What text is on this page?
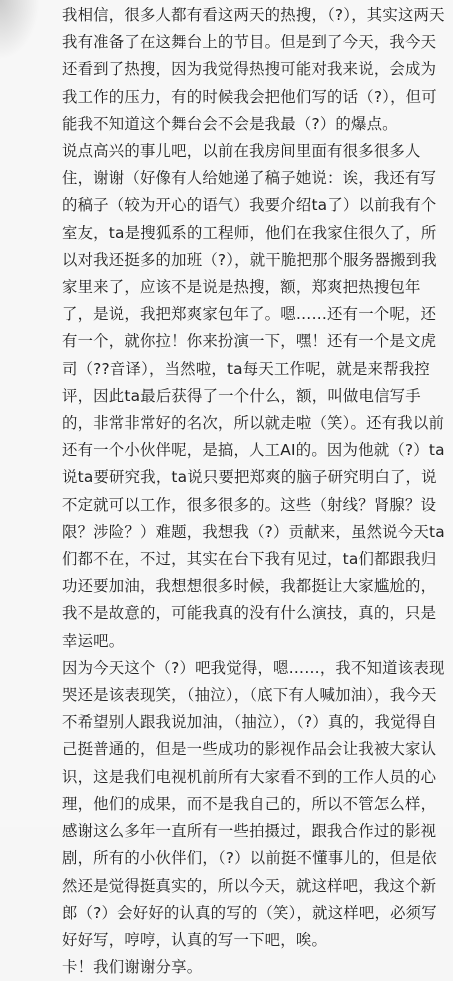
我相信，很多人都有看这两天的热搜，（?），其实这两天我有准备了在这舞台上的节目。但是到了今天，我今天还看到了热搜，因为我觉得热搜可能对我来说，会成为我工作的压力，有的时候我会把他们写的话（?），但可能我不知道这个舞台会不会是我最（?）的爆点。

说点高兴的事儿吧，以前在我房间里面有很多很多人住，谢谢（好像有人给她递了稿子她说：诶，我还有写的稿子（较为开心的语气）我要介绍ta了）以前我有个室友，ta是搜狐系的工程师，他们在我家住很久了，所以对我还挺多的加班（?），就干脆把那个服务器搬到我家里来了，应该不是说是热搜，额，郑爽把热搜包年了，是说，我把郑爽家包年了。嗯……还有一个呢，还有一个，就你拉！你来扮演一下，嘿！还有一个是文虎司（??音译），当然啦，ta每天工作呢，就是来帮我控评，因此ta最后获得了一个什么，额，叫做电信写手的，非常非常好的名次，所以就走啦（笑）。还有我以前还有一个小伙伴呢，是搞，人工AI的。因为他就（?）ta说ta要研究我，ta说只要把郑爽的脑子研究明白了，说不定就可以工作，很多很多的。这些（射线？肾腺？设限？涉险？）难题，我想我（?）贡献来，虽然说今天ta们都不在，不过，其实在台下我有见过，ta们都跟我归功还要加油，我想想很多时候，我都挺让大家尴尬的，我不是故意的，可能我真的没有什么演技，真的，只是幸运吧。

因为今天这个（?）吧我觉得，嗯……，我不知道该表现哭还是该表现笑，（抽泣），（底下有人喊加油），我今天不希望别人跟我说加油，（抽泣），（?）真的，我觉得自己挺普通的，但是一些成功的影视作品会让我被大家认识，这是我们电视机前所有大家看不到的工作人员的心理，他们的成果，而不是我自己的，所以不管怎么样，感谢这么多年一直所有一些拍摄过，跟我合作过的影视剧，所有的小伙伴们，（?）以前挺不懂事儿的，但是依然还是觉得挺真实的，所以今天，就这样吧，我这个新郎（?）会好好的认真的写的（笑），就这样吧，必须写好好写，哼哼，认真的写一下吧，唉。

卡！我们谢谢分享。
